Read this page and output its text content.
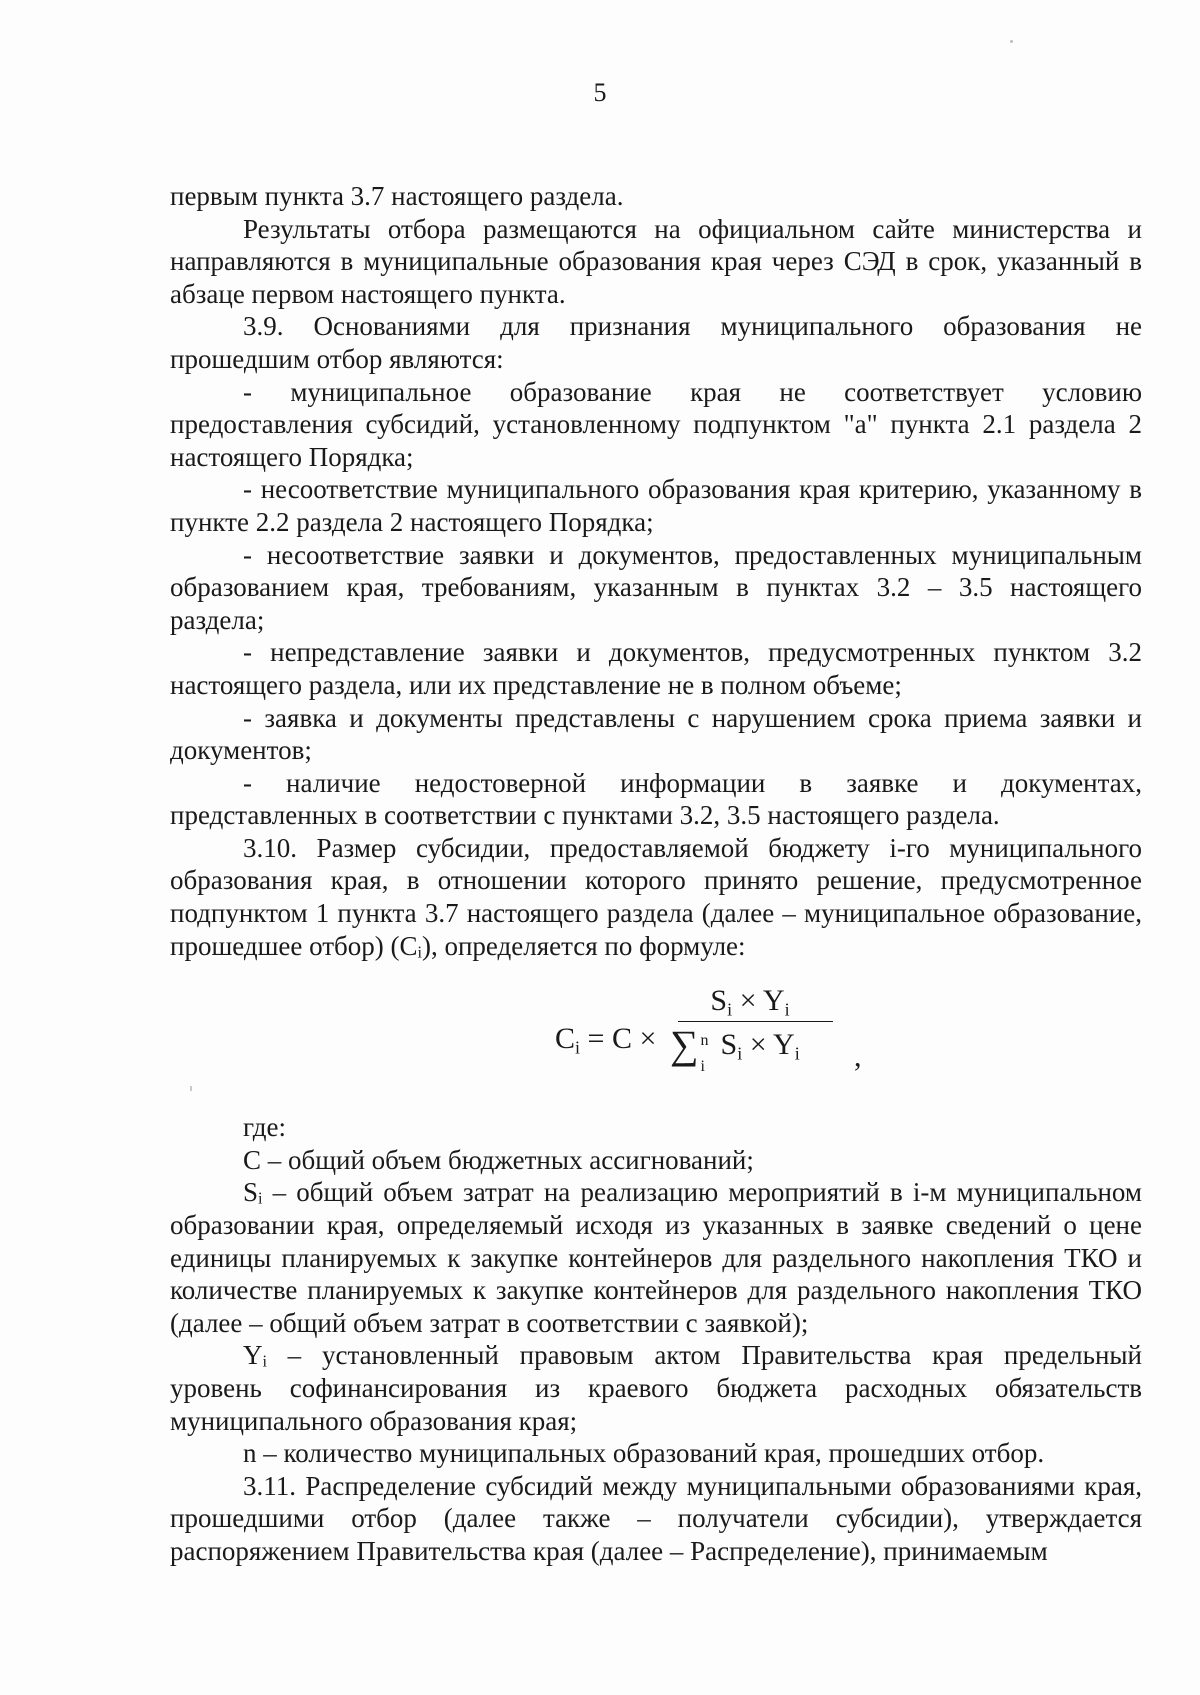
5

первым пункта 3.7 настоящего раздела.

Результаты отбора размещаются на официальном сайте министерства и направляются в муниципальные образования края через СЭД в срок, указанный в абзаце первом настоящего пункта.

3.9. Основаниями для признания муниципального образования не прошедшим отбор являются:

- муниципальное образование края не соответствует условию предоставления субсидий, установленному подпунктом "а" пункта 2.1 раздела 2 настоящего Порядка;

- несоответствие муниципального образования края критерию, указанному в пункте 2.2 раздела 2 настоящего Порядка;

- несоответствие заявки и документов, предоставленных муниципальным образованием края, требованиям, указанным в пунктах 3.2 – 3.5 настоящего раздела;

- непредставление заявки и документов, предусмотренных пунктом 3.2 настоящего раздела, или их представление не в полном объеме;

- заявка и документы представлены с нарушением срока приема заявки и документов;

- наличие недостоверной информации в заявке и документах, представленных в соответствии с пунктами 3.2, 3.5 настоящего раздела.

3.10. Размер субсидии, предоставляемой бюджету i-го муниципального образования края, в отношении которого принято решение, предусмотренное подпунктом 1 пункта 3.7 настоящего раздела (далее – муниципальное образование, прошедшее отбор) (Cᵢ), определяется по формуле:

$C_i = C$ ×
$S_i \times Y_i$
∑ n
i
$S_i \times Y_i$	,

где:

С – общий объем бюджетных ассигнований;

Sᵢ – общий объем затрат на реализацию мероприятий в i-м муниципальном образовании края, определяемый исходя из указанных в заявке сведений о цене единицы планируемых к закупке контейнеров для раздельного накопления ТКО и количестве планируемых к закупке контейнеров для раздельного накопления ТКО (далее – общий объем затрат в соответствии с заявкой);

Yᵢ – установленный правовым актом Правительства края предельный уровень софинансирования из краевого бюджета расходных обязательств муниципального образования края;

n – количество муниципальных образований края, прошедших отбор.

3.11. Распределение субсидий между муниципальными образованиями края, прошедшими отбор (далее также – получатели субсидии), утверждается распоряжением Правительства края (далее – Распределение), принимаемым
